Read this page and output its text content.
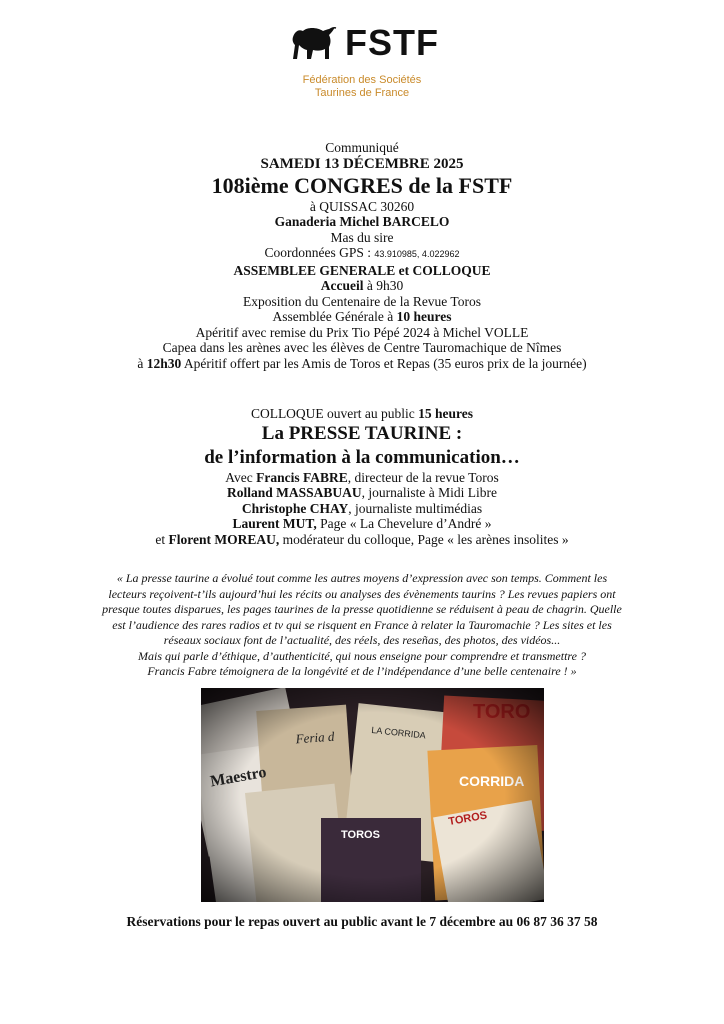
FSTF
Fédération des Sociétés
Taurines de France
Communiqué
SAMEDI 13 DÉCEMBRE 2025
108ième CONGRES de la FSTF
à QUISSAC 30260
Ganaderia Michel BARCELO
Mas du sire
Coordonnées GPS : 43.910985, 4.022962
ASSEMBLEE GENERALE et COLLOQUE
Accueil à 9h30
Exposition du Centenaire de la Revue Toros
Assemblée Générale à 10 heures
Apéritif avec remise du Prix Tio Pépé 2024 à Michel VOLLE
Capea dans les arènes avec les élèves de Centre Tauromachique de Nîmes
à 12h30 Apéritif offert par les Amis de Toros et Repas (35 euros prix de la journée)
COLLOQUE ouvert au public 15 heures
La PRESSE TAURINE :
de l’information à la communication…
Avec Francis FABRE, directeur de la revue Toros
Rolland MASSABUAU, journaliste à Midi Libre
Christophe CHAY, journaliste multimédias
Laurent MUT, Page « La Chevelure d’André »
et Florent MOREAU, modérateur du colloque, Page « les arènes insolites »
« La presse taurine a évolué tout comme les autres moyens d’expression avec son temps. Comment les
lecteurs reçoivent-t’ils aujourd’hui les récits ou analyses des évènements taurins ? Les revues papiers ont
presque toutes disparues, les pages taurines de la presse quotidienne se réduisent à peau de chagrin. Quelle
est l’audience des rares radios et tv qui se risquent en France à relater la Tauromachie ? Les sites et les
réseaux sociaux font de l’actualité, des réels, des reseñas, des photos, des vidéos...
Mais qui parle d’éthique, d’authenticité, qui nous enseigne pour comprendre et transmettre ?
Francis Fabre témoignera de la longévité et de l’indépendance d’une belle centenaire ! »
Réservations pour le repas ouvert au public avant le 7 décembre au 06 87 36 37 58
